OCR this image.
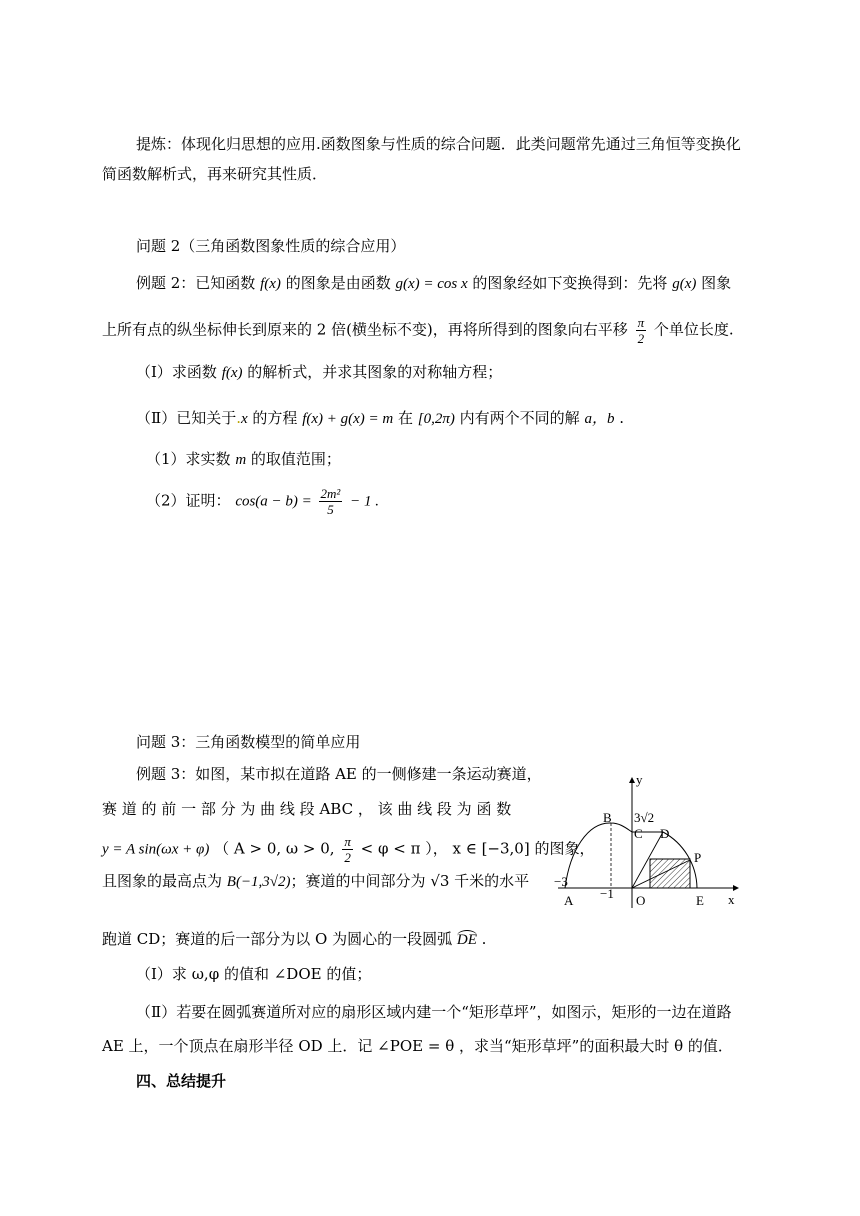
提炼：体现化归思想的应用.函数图象与性质的综合问题．此类问题常先通过三角恒等变换化
简函数解析式，再来研究其性质．
问题 2（三角函数图象性质的综合应用）
例题 2：已知函数 f(x) 的图象是由函数 g(x) = cos x 的图象经如下变换得到：先将 g(x) 图象
上所有点的纵坐标伸长到原来的 2 倍(横坐标不变)，再将所得到的图象向右平移 $\frac{\pi}{2}$ 个单位长度.
（Ⅰ）求函数 f(x) 的解析式，并求其图象的对称轴方程；
（Ⅱ）已知关于.x 的方程 f(x) + g(x) = m 在 [0,2π) 内有两个不同的解 a，b .
（1）求实数 m 的取值范围；
（2）证明： $\cos(a - b) = \frac{\text{2m²}}{5} - 1$ .
问题 3：三角函数模型的简单应用
例题 3：如图，某市拟在道路 AE 的一侧修建一条运动赛道，
赛 道 的 前 一 部 分 为 曲 线 段 ABC ， 该 曲 线 段 为 函 数
y = A sin(ωx + φ) （ A > 0, ω > 0, $\frac{\pi}{2} < \varphi < \pi$ ）， x ∈ [−3,0] 的图象，
且图象的最高点为 B(−1,3√2)；赛道的中间部分为 √3 千米的水平
跑道 CD；赛道的后一部分为以 O 为圆心的一段圆弧 DE .
（Ⅰ）求 ω,φ 的值和 ∠DOE 的值；
（Ⅱ）若要在圆弧赛道所对应的扇形区域内建一个“矩形草坪”，如图示，矩形的一边在道路
AE 上，一个顶点在扇形半径 OD 上．记 ∠POE = θ ，求当“矩形草坪”的面积最大时 θ 的值．
四、总结提升
y
x
B 3√2
C D
P
−3
−1
A	O	E
